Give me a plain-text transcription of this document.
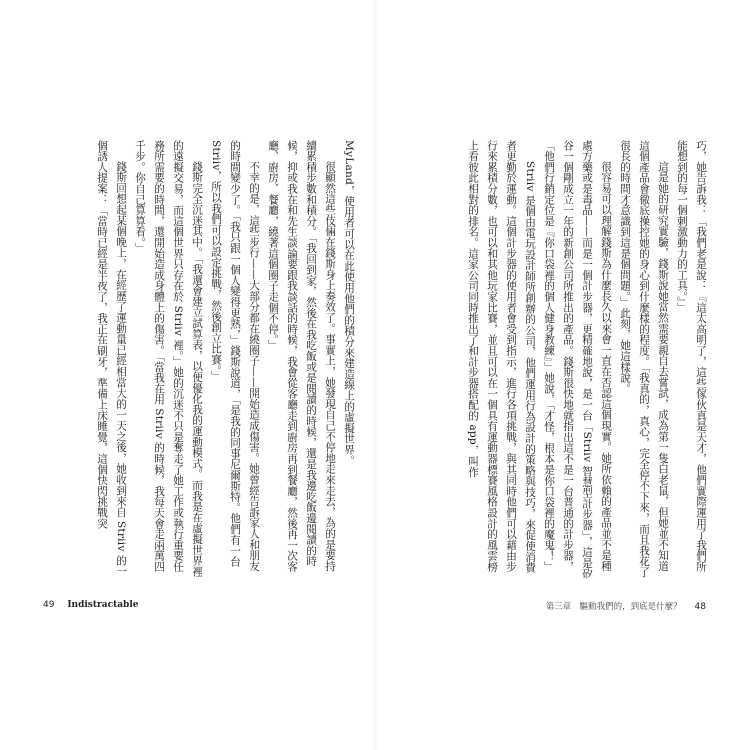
MyLand，使用者可以在此使用他們的積分來建造線上的虛擬世界。

很顯然這些伎倆在錢斯身上奏效了。事實上，她發現自己不停地走來走去，為的是要持續累積步數和積分。「我回到家，然後在我吃飯或是閱讀的時候，還是我邊吃飯邊閱讀的時候，抑或我在和先生談論要跟我談話的時候，我會從客廳走到廚房再到餐廳，然後再一次客廳、廚房、餐廳，繞著這個圈子走個不停。」

不幸的是，這些步行——大部分都在繞圈子——開始造成傷害。她曾經告訴家人和朋友的時間變少了。「我只跟一個人變得更熟，」錢斯說道，「是我的同事尼爾斯特。他們有一台 Striiv，所以我們可以設定挑戰，然後創立比賽。」

錢斯完全沉迷其中。「我還會建立試算表，以便優化我的運動模式。而我是在虛擬世界裡的遠擬交易，而這個世界只存在於 Striiv 裡。」她的沉迷不只是奪走了她工作或執行重要任務所需要的時間，還開始造成身體上的傷害。「當我在用 Striiv 的時候，我每天會走兩萬四千步。你自己算算看。」

錢斯回想起某個晚上，在經歷了運動量已經相當大的一天之後，她收到來自 Striiv 的一個誘人提案：「當時已經是半夜了，我正在刷牙，準備上床睡覺，這個快閃挑戰突

49 Indistractable

巧，她告訴我：「我們老是說：『這太高明了，這些傢伙真是天才，他們實際運用了我們所能想到的每一個刺激動力的工具。』」

這是她的研究實驗，錢斯說她當然需要親自去嘗試，成為第一隻白老鼠，但她並不知道這個產品會徹底操控她的身心到什麼樣的程度。「我真的，真心，完全停不下來，而且我花了很長的時間才意識到這是個問題。」此刻，她這樣說。

很容易可以理解錢斯為什麼長久以來會一直在否認這個現實。她所依賴的產品並不是種處方藥或是毒品——而是一個計步器，更精確地說，是一台「Striiv 智慧型計步器」，這是矽谷一個剛成立一年的新創公司所推出的產品。錢斯很快地就指出這不是一台普通的計步器，「他們行銷定位是『你口袋裡的個人健身教練』」她說，「才怪，根本是你口袋裡的魔鬼！」

Striiv 是個由電玩設計師所創辦的公司，他們運用行為設計的策略與技巧，來促使消費者更勤於運動。這個計步器的使用者會受到指示，進行各項挑戰，與其同時他們可以藉由步行來累積分數，也可以和其他玩家比賽，並且可以在一個具有運動器標賽風格設計的風雲榜上看彼此相對的排名。這家公司同時推出了和計步器搭配的 app，叫作

第三章　驅動我們的，到底是什麼？ 48
